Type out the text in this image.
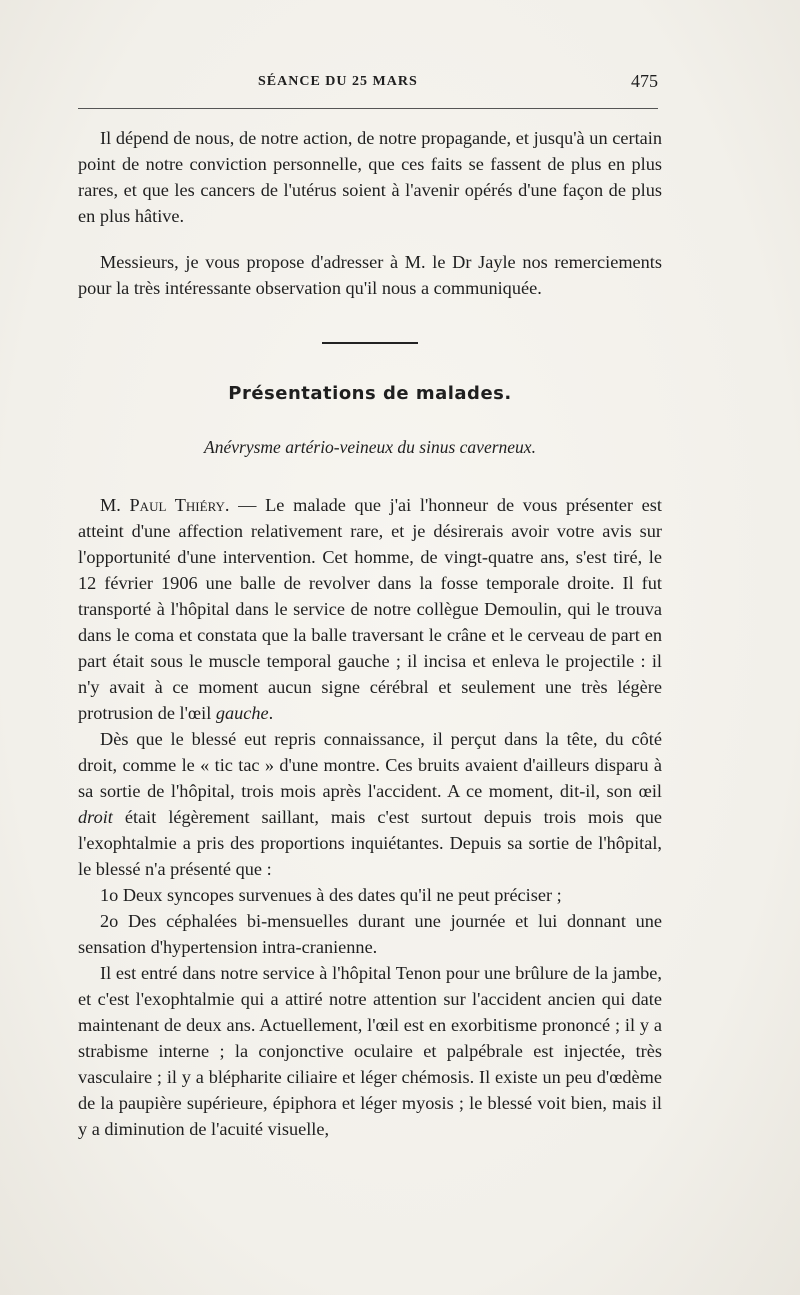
SÉANCE DU 25 MARS	475

Il dépend de nous, de notre action, de notre propagande, et jusqu'à un certain point de notre conviction personnelle, que ces faits se fassent de plus en plus rares, et que les cancers de l'utérus soient à l'avenir opérés d'une façon de plus en plus hâtive.

Messieurs, je vous propose d'adresser à M. le Dr Jayle nos remerciements pour la très intéressante observation qu'il nous a communiquée.

Présentations de malades.

Anévrysme artério-veineux du sinus caverneux.

M. Paul Thiéry. — Le malade que j'ai l'honneur de vous présenter est atteint d'une affection relativement rare, et je désirerais avoir votre avis sur l'opportunité d'une intervention. Cet homme, de vingt-quatre ans, s'est tiré, le 12 février 1906 une balle de revolver dans la fosse temporale droite. Il fut transporté à l'hôpital dans le service de notre collègue Demoulin, qui le trouva dans le coma et constata que la balle traversant le crâne et le cerveau de part en part était sous le muscle temporal gauche ; il incisa et enleva le projectile : il n'y avait à ce moment aucun signe cérébral et seulement une très légère protrusion de l'œil gauche.

Dès que le blessé eut repris connaissance, il perçut dans la tête, du côté droit, comme le « tic tac » d'une montre. Ces bruits avaient d'ailleurs disparu à sa sortie de l'hôpital, trois mois après l'accident. A ce moment, dit-il, son œil droit était légèrement saillant, mais c'est surtout depuis trois mois que l'exophtalmie a pris des proportions inquiétantes. Depuis sa sortie de l'hôpital, le blessé n'a présenté que :

1o Deux syncopes survenues à des dates qu'il ne peut préciser ;

2o Des céphalées bi-mensuelles durant une journée et lui donnant une sensation d'hypertension intra-cranienne.

Il est entré dans notre service à l'hôpital Tenon pour une brûlure de la jambe, et c'est l'exophtalmie qui a attiré notre attention sur l'accident ancien qui date maintenant de deux ans. Actuellement, l'œil est en exorbitisme prononcé ; il y a strabisme interne ; la conjonctive oculaire et palpébrale est injectée, très vasculaire ; il y a blépharite ciliaire et léger chémosis. Il existe un peu d'œdème de la paupière supérieure, épiphora et léger myosis ; le blessé voit bien, mais il y a diminution de l'acuité visuelle,
